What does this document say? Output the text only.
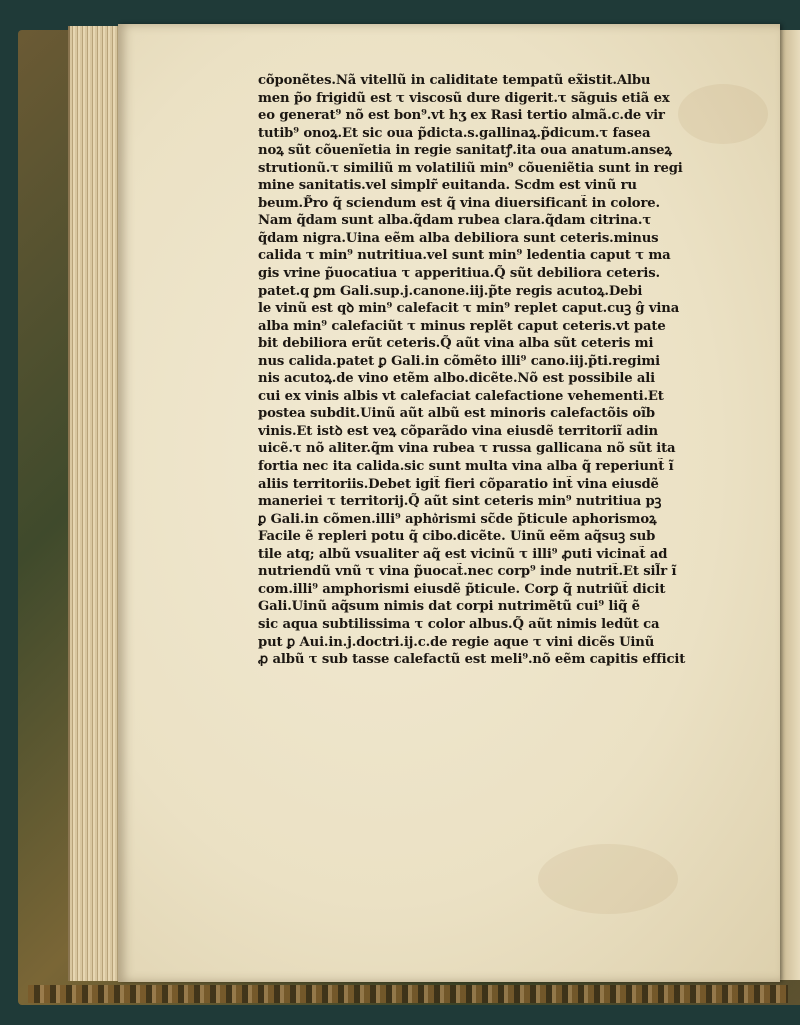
cõponẽtes.Nã vitellũ in caliditate tempatũ ex̃istit.Albu
men p̃o frigidũ est τ viscosũ dure digerit.τ sãguis etiã ex
eo generat⁹ nõ est bon⁹.vt hʒ ex Rasi tertio almã.c.de vir
tutib⁹ onoꝝ.Et sic oua p̃dicta.s.gallinaꝝ.p̃dicum.τ fasea
noꝝ sũt cõuenĩetia in regie sanitatꝭ.ita oua anatum.anseꝝ
strutionũ.τ similiũ m volatiliũ min⁹ cõueniẽtia sunt in regi
mine sanitatis.vel simplr̃ euitanda. Scdm est vinũ ru
beum.P̃ro q̃ sciendum est q̃ vina diuersificant̃ in colore.
Nam q̃dam sunt alba.q̃dam rubea clara.q̃dam citrina.τ
q̃dam nigra.Uina eẽm alba debiliora sunt ceteris.minus
calida τ min⁹ nutritiua.vel sunt min⁹ ledentia caput τ ma
gis vrine p̃uocatiua τ apperitiua.Q̃ sũt debiliora ceteris.
patet.q ꝑm Gali.sup.j.canone.iij.p̃te regis acutoꝝ.Debi
le vinũ est qꝺ min⁹ calefacit τ min⁹ replet caput.cuꝫ ĝ vina
alba min⁹ calefaciũt τ minus replẽt caput ceteris.vt pate
bit debiliora erũt ceteris.Q̃ aũt vina alba sũt ceteris mi
nus calida.patet ꝑ Gali.in cõmẽto illi⁹ cano.iij.p̃ti.regimi
nis acutoꝝ.de vino etẽm albo.dicẽte.Nõ est possibile ali
cui ex vinis albis vt calefaciat calefactione vehementi.Et
postea subdit.Uinũ aũt albũ est minoris calefactõis oĩb
vinis.Et istꝺ est veꝝ cõparãdo vina eiusdẽ territoriĩ adin
uicẽ.τ nõ aliter.q̃m vina rubea τ russa gallicana nõ sũt ita
fortia nec ita calida.sic sunt multa vina alba q̃ reperiunt̃ ĩ
aliis territoriis.Debet igit̃ fieri cõparatio int̃ vina eiusdẽ
maneriei τ territorij.Q̃ aũt sint ceteris min⁹ nutritiua pꝫ
ꝑ Gali.in cõmen.illi⁹ apho͛rismi sc̃de p̃ticule aphorismoꝝ
Facile ẽ repleri potu q̃ cibo.dicẽte. Uinũ eẽm aq̃suꝫ sub
tile atq; albũ vsualiter aq̃ est vicinũ τ illi⁹ ꝓuti vicinat̃ ad
nutriendũ vnũ τ vina p̃uocat̃.nec corp⁹ inde nutrit̃.Et sil̃r ĩ
com.illi⁹ amphorismi eiusdẽ p̃ticule. Corꝑ q̃ nutriũt̃ dicit
Gali.Uinũ aq̃sum nimis dat corpi nutrimẽtũ cui⁹ liq̃ ẽ
sic aqua subtilissima τ color albus.Q̃ aũt nimis ledũt ca
put ꝑ Aui.in.j.doctri.ij.c.de regie aque τ vini dicẽs Uinũ
ꝓ albũ τ sub tasse calefactũ est meli⁹.nõ eẽm capitis efficit
